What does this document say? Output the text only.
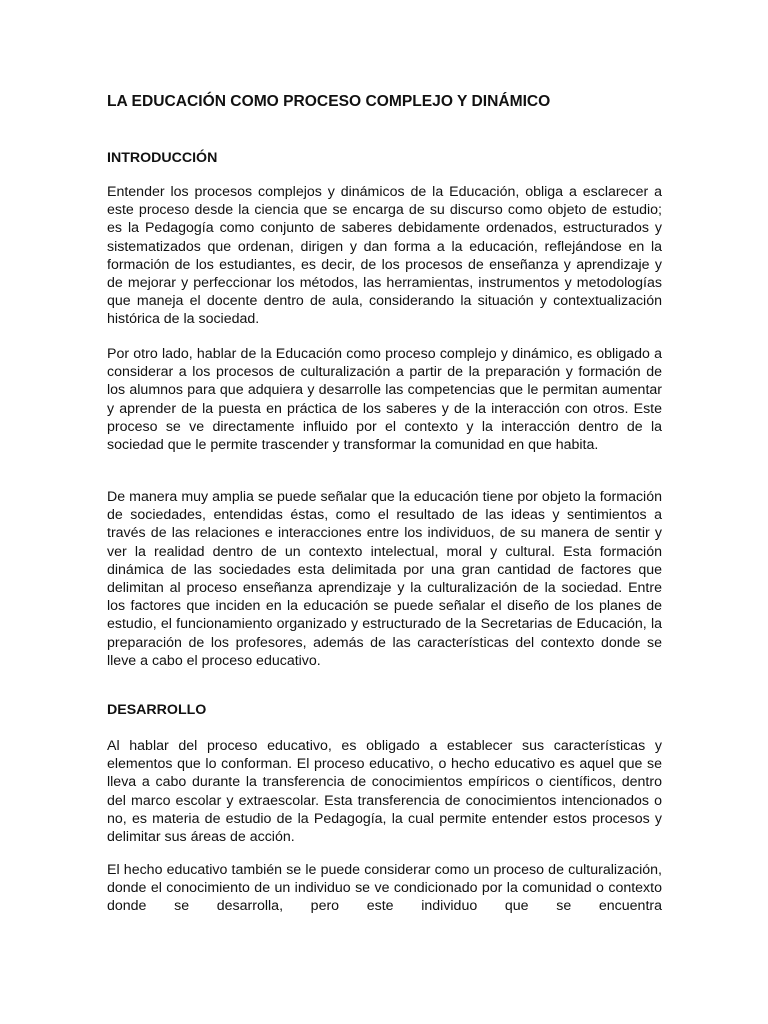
LA EDUCACIÓN COMO PROCESO COMPLEJO Y DINÁMICO
INTRODUCCIÓN

Entender los procesos complejos y dinámicos de la Educación, obliga a esclarecer a este proceso desde la ciencia que se encarga de su discurso como objeto de estudio; es la Pedagogía como conjunto de saberes debidamente ordenados, estructurados y sistematizados que ordenan, dirigen y dan forma a la educación, reflejándose en la formación de los estudiantes, es decir, de los procesos de enseñanza y aprendizaje y de mejorar y perfeccionar los métodos, las herramientas, instrumentos y metodologías que maneja el docente dentro de aula, considerando la situación y contextualización histórica de la sociedad.

Por otro lado, hablar de la Educación como proceso complejo y dinámico, es obligado a considerar a los procesos de culturalización a partir de la preparación y formación de los alumnos para que adquiera y desarrolle las competencias que le permitan aumentar y aprender de la puesta en práctica de los saberes y de la interacción con otros. Este proceso se ve directamente influido por el contexto y la interacción dentro de la sociedad que le permite trascender y transformar la comunidad en que habita.

De manera muy amplia se puede señalar que la educación tiene por objeto la formación de sociedades, entendidas éstas, como el resultado de las ideas y sentimientos a través de las relaciones e interacciones entre los individuos, de su manera de sentir y ver la realidad dentro de un contexto intelectual, moral y cultural. Esta formación dinámica de las sociedades esta delimitada por una gran cantidad de factores que delimitan al proceso enseñanza aprendizaje y la culturalización de la sociedad. Entre los factores que inciden en la educación se puede señalar el diseño de los planes de estudio, el funcionamiento organizado y estructurado de la Secretarias de Educación, la preparación de los profesores, además de las características del contexto donde se lleve a cabo el proceso educativo.

DESARROLLO

Al hablar del proceso educativo, es obligado a establecer sus características y elementos que lo conforman. El proceso educativo, o hecho educativo es aquel que se lleva a cabo durante la transferencia de conocimientos empíricos o científicos, dentro del marco escolar y extraescolar. Esta transferencia de conocimientos intencionados o no, es materia de estudio de la Pedagogía, la cual permite entender estos procesos y delimitar sus áreas de acción.

El hecho educativo también se le puede considerar como un proceso de culturalización, donde el conocimiento de un individuo se ve condicionado por la comunidad o contexto donde se desarrolla, pero este individuo que se encuentra
